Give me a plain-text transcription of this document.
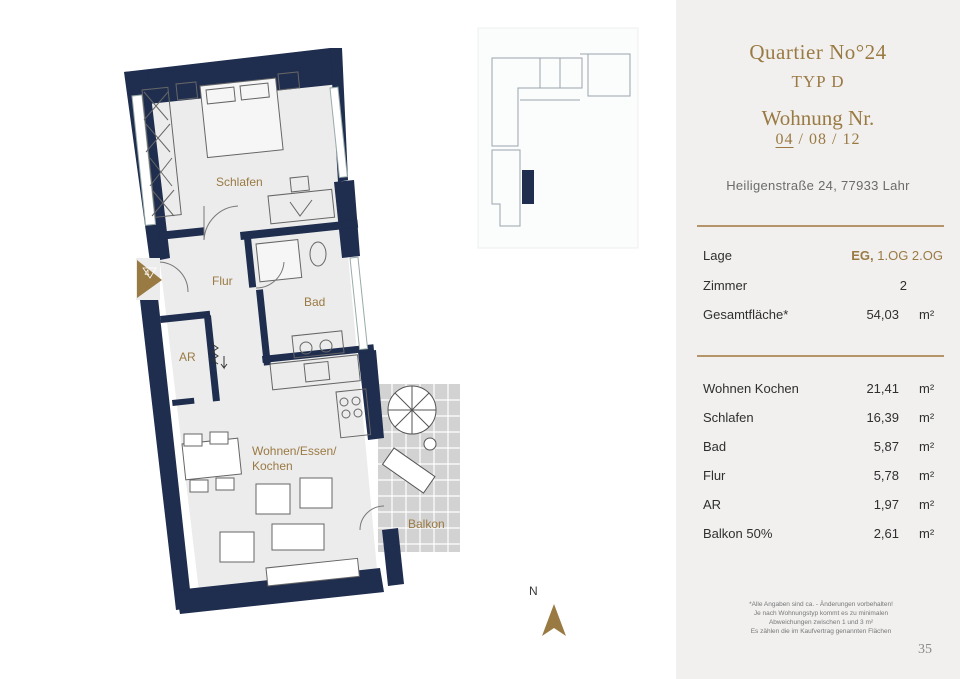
Schlafen
Flur
Bad
AR
Wohnen/Essen/
Kochen
Balkon
4
N
Quartier No°24
TYP D
Wohnung Nr.
04 / 08 / 12
Heiligenstraße 24, 77933 Lahr
Lage	EG, 1.OG 2.OG
Zimmer	2
Gesamtfläche*	54,03 m²
Wohnen Kochen	21,41 m²
Schlafen	16,39 m²
Bad	5,87 m²
Flur	5,78 m²
AR	1,97 m²
Balkon 50%	2,61 m²
*Alle Angaben sind ca. - Änderungen vorbehalten!
Je nach Wohnungstyp kommt es zu minimalen
Abweichungen zwischen 1 und 3 m²
Es zählen die im Kaufvertrag genannten Flächen
35
